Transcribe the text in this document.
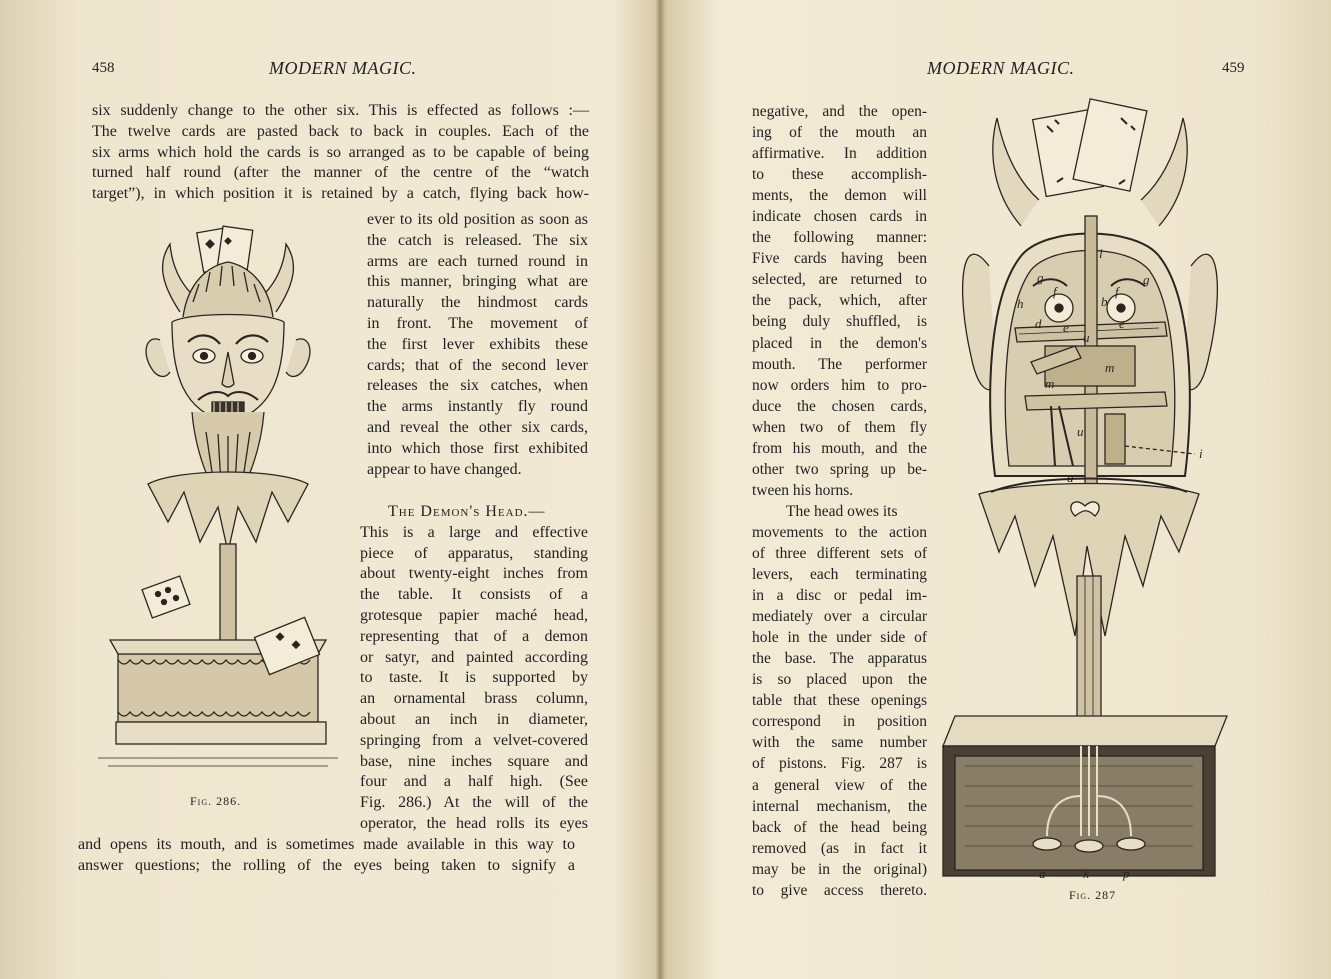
458	MODERN MAGIC.
six suddenly change to the other six. This is effected as follows :—
The twelve cards are pasted back to back in couples. Each of the
six arms which hold the cards is so arranged as to be capable of being
turned half round (after the manner of the centre of the “watch
target”), in which position it is retained by a catch, flying back how-
ever to its old position as soon as
the catch is released. The six
arms are each turned round in
this manner, bringing what are
naturally the hindmost cards
in front. The movement of
the first lever exhibits these
cards; that of the second lever
releases the six catches, when
the arms instantly fly round
and reveal the other six cards,
into which those first exhibited
appear to have changed.
The Demon's Head.—
This is a large and effective
piece of apparatus, standing
about twenty-eight inches from
the table. It consists of a
grotesque papier maché head,
representing that of a demon
or satyr, and painted according
to taste. It is supported by
an ornamental brass column,
about an inch in diameter,
springing from a velvet-covered
base, nine inches square and
four and a half high. (See
Fig. 286.) At the will of the
operator, the head rolls its eyes
and opens its mouth, and is sometimes made available in this way to
answer questions; the rolling of the eyes being taken to signify a
Fig. 286.
MODERN MAGIC.	459
negative, and the open-
ing of the mouth an
affirmative. In addition
to these accomplish-
ments, the demon will
indicate chosen cards in
the following manner:
Five cards having been
selected, are returned to
the pack, which, after
being duly shuffled, is
placed in the demon's
mouth. The performer
now orders him to pro-
duce the chosen cards,
when two of them fly
from his mouth, and the
other two spring up be-
tween his horns.
The head owes its
movements to the action
of three different sets of
levers, each terminating
in a disc or pedal im-
mediately over a circular
hole in the under side of
the base. The apparatus
is so placed upon the
table that these openings
correspond in position
with the same number
of pistons. Fig. 287 is
a general view of the
internal mechanism, the
back of the head being
removed (as in fact it
may be in the original)
to give access thereto.
l
g	g
h
f	f
b
d e	e
u
m
m
u
i
a
a	k	p
Fig. 287
